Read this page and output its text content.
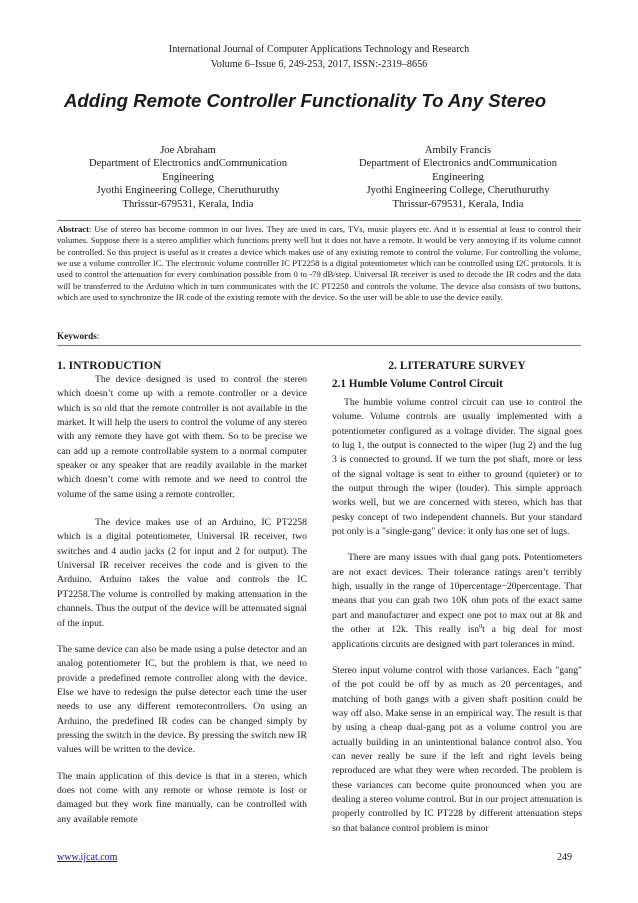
International Journal of Computer Applications Technology and Research
Volume 6–Issue 6, 249-253, 2017, ISSN:-2319–8656
Adding Remote Controller Functionality To Any Stereo
Joe Abraham
Department of Electronics andCommunication
Engineering
Jyothi Engineering College, Cheruthuruthy
Thrissur-679531, Kerala, India
Ambily Francis
Department of Electronics andCommunication
Engineering
Jyothi Engineering College, Cheruthuruthy
Thrissur-679531, Kerala, India
Abstract: Use of stereo has become common in our lives. They are used in cars, TVs, music players etc. And it is essential at least to control their volumes. Suppose there is a stereo amplifier which functions pretty well but it does not have a remote. It would be very annoying if its volume cannot be controlled. So this project is useful as it creates a device which makes use of any existing remote to control the volume. For controlling the volume, we use a volume controller IC. The electronic volume controller IC PT2258 is a digital potentiometer which can be controlled using I2C protocols. It is used to control the attenuation for every combination possible from 0 to -79 dB/step. Universal IR receiver is used to decode the IR codes and the data will be transferred to the Arduino which in turn communicates with the IC PT2258 and controls the volume. The device also consists of two buttons, which are used to synchronize the IR code of the existing remote with the device. So the user will be able to use the device easily.
Keywords:
1. INTRODUCTION

The device designed is used to control the stereo which doesn’t come up with a remote controller or a device which is so old that the remote controller is not available in the market. It will help the users to control the volume of any stereo with any remote they have got with them. So to be precise we can add up a remote controllable system to a normal computer speaker or any speaker that are readily available in the market which doesn’t come with remote and we need to control the volume of the same using a remote controller.

The device makes use of an Arduino, IC PT2258 which is a digital potentiometer, Universal IR receiver, two switches and 4 audio jacks (2 for input and 2 for output). The Universal IR receiver receives the code and is given to the Arduino. Arduino takes the value and controls the IC PT2258.The volume is controlled by making attenuation in the channels. Thus the output of the device will be attenuated signal of the input.

The same device can also be made using a pulse detector and an analog potentiometer IC, but the problem is that, we need to provide a predefined remote controller along with the device. Else we have to redesign the pulse detector each time the user needs to use any different remotecontrollers. On using an Arduino, the predefined IR codes can be changed simply by pressing the switch in the device. By pressing the switch new IR values will be written to the device.

The main application of this device is that in a stereo, which does not come with any remote or whose remote is lost or damaged but they work fine manually, can be controlled with any available remote

2. LITERATURE SURVEY
2.1 Humble Volume Control Circuit

The humble volume control circuit can use to control the volume. Volume controls are usually implemented with a potentiometer configured as a voltage divider. The signal goes to lug 1, the output is connected to the wiper (lug 2) and the lug 3 is connected to ground. If we turn the pot shaft, more or less of the signal voltage is sent to either to ground (quieter) or to the output through the wiper (louder). This simple approach works well, but we are concerned with stereo, which has that pesky concept of two independent channels. But your standard pot only is a "single-gang" device: it only has one set of lugs.

There are many issues with dual gang pots. Potentiometers are not exact devices. Their tolerance ratings aren’t terribly high, usually in the range of 10percentage−20percentage. That means that you can grab two 10K ohm pots of the exact same part and manufacturer and expect one pot to max out at 8k and the other at 12k. This really isn$^0$t a big deal for most applications circuits are designed with part tolerances in mind.

Stereo input volume control with those variances. Each "gang" of the pot could be off by as much as 20 percentages, and matching of both gangs with a given shaft position could be way off also. Make sense in an empirical way. The result is that by using a cheap dual-gang pot as a volume control you are actually building in an unintentional balance control also. You can never really be sure if the left and right levels being reproduced are what they were when recorded. The problem is these variances can become quite pronounced when you are dealing a stereo volume control. But in our project attenuation is properly controlled by IC PT228 by different attenuation steps so that balance control problem is minor

www.ijcat.com	249
